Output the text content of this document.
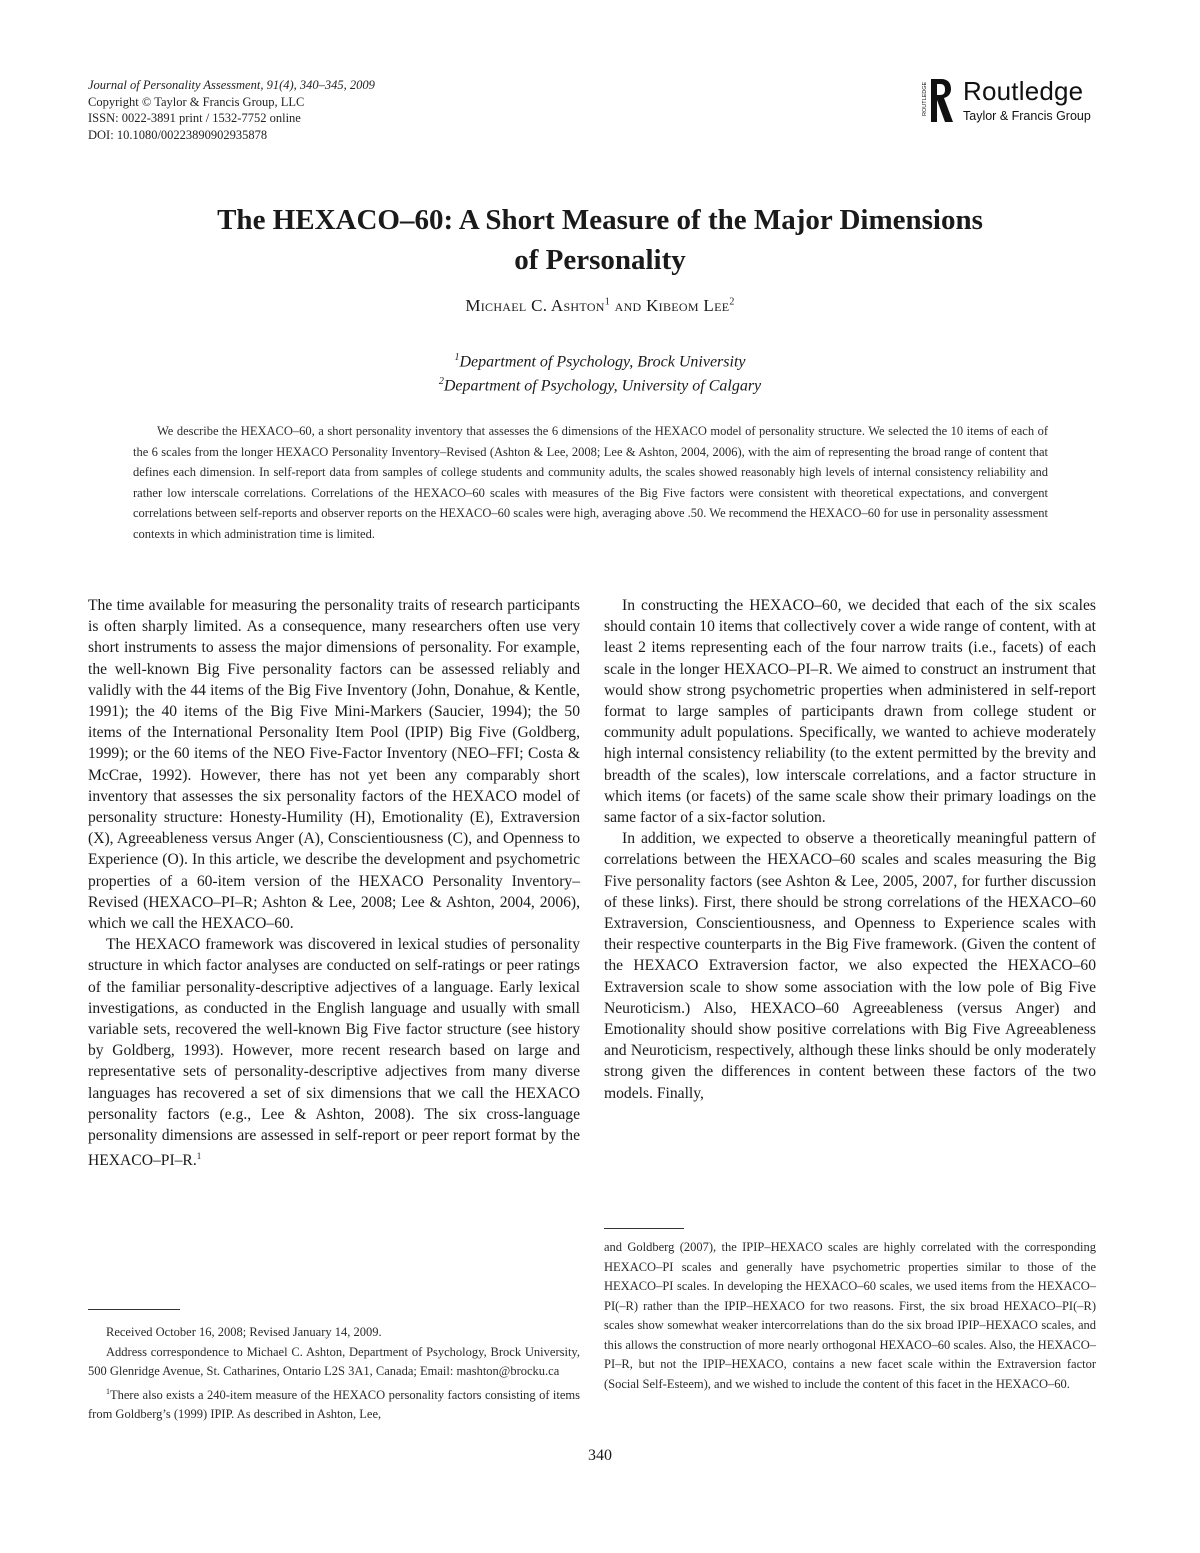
Journal of Personality Assessment, 91(4), 340–345, 2009
Copyright © Taylor & Francis Group, LLC
ISSN: 0022-3891 print / 1532-7752 online
DOI: 10.1080/00223890902935878
ROUTLEDGE Routledge
Taylor & Francis Group
The HEXACO–60: A Short Measure of the Major Dimensions
of Personality
Michael C. Ashton$^1$ and Kibeom Lee$^2$
$^1$Department of Psychology, Brock University
$^2$Department of Psychology, University of Calgary
We describe the HEXACO–60, a short personality inventory that assesses the 6 dimensions of the HEXACO model of personality structure. We selected the 10 items of each of the 6 scales from the longer HEXACO Personality Inventory–Revised (Ashton & Lee, 2008; Lee & Ashton, 2004, 2006), with the aim of representing the broad range of content that defines each dimension. In self-report data from samples of college students and community adults, the scales showed reasonably high levels of internal consistency reliability and rather low interscale correlations. Correlations of the HEXACO–60 scales with measures of the Big Five factors were consistent with theoretical expectations, and convergent correlations between self-reports and observer reports on the HEXACO–60 scales were high, averaging above .50. We recommend the HEXACO–60 for use in personality assessment contexts in which administration time is limited.

The time available for measuring the personality traits of research participants is often sharply limited. As a consequence, many researchers often use very short instruments to assess the major dimensions of personality. For example, the well-known Big Five personality factors can be assessed reliably and validly with the 44 items of the Big Five Inventory (John, Donahue, & Kentle, 1991); the 40 items of the Big Five Mini-Markers (Saucier, 1994); the 50 items of the International Personality Item Pool (IPIP) Big Five (Goldberg, 1999); or the 60 items of the NEO Five-Factor Inventory (NEO–FFI; Costa & McCrae, 1992). However, there has not yet been any comparably short inventory that assesses the six personality factors of the HEXACO model of personality structure: Honesty-Humility (H), Emotionality (E), Extraversion (X), Agreeableness versus Anger (A), Conscientiousness (C), and Openness to Experience (O). In this article, we describe the development and psychometric properties of a 60-item version of the HEXACO Personality Inventory–Revised (HEXACO–PI–R; Ashton & Lee, 2008; Lee & Ashton, 2004, 2006), which we call the HEXACO–60.

The HEXACO framework was discovered in lexical studies of personality structure in which factor analyses are conducted on self-ratings or peer ratings of the familiar personality-descriptive adjectives of a language. Early lexical investigations, as conducted in the English language and usually with small variable sets, recovered the well-known Big Five factor structure (see history by Goldberg, 1993). However, more recent research based on large and representative sets of personality-descriptive adjectives from many diverse languages has recovered a set of six dimensions that we call the HEXACO personality factors (e.g., Lee & Ashton, 2008). The six cross-language personality dimensions are assessed in self-report or peer report format by the HEXACO–PI–R.$^1$

In constructing the HEXACO–60, we decided that each of the six scales should contain 10 items that collectively cover a wide range of content, with at least 2 items representing each of the four narrow traits (i.e., facets) of each scale in the longer HEXACO–PI–R. We aimed to construct an instrument that would show strong psychometric properties when administered in self-report format to large samples of participants drawn from college student or community adult populations. Specifically, we wanted to achieve moderately high internal consistency reliability (to the extent permitted by the brevity and breadth of the scales), low interscale correlations, and a factor structure in which items (or facets) of the same scale show their primary loadings on the same factor of a six-factor solution.

In addition, we expected to observe a theoretically meaningful pattern of correlations between the HEXACO–60 scales and scales measuring the Big Five personality factors (see Ashton & Lee, 2005, 2007, for further discussion of these links). First, there should be strong correlations of the HEXACO–60 Extraversion, Conscientiousness, and Openness to Experience scales with their respective counterparts in the Big Five framework. (Given the content of the HEXACO Extraversion factor, we also expected the HEXACO–60 Extraversion scale to show some association with the low pole of Big Five Neuroticism.) Also, HEXACO–60 Agreeableness (versus Anger) and Emotionality should show positive correlations with Big Five Agreeableness and Neuroticism, respectively, although these links should be only moderately strong given the differences in content between these factors of the two models. Finally,

Received October 16, 2008; Revised January 14, 2009.

Address correspondence to Michael C. Ashton, Department of Psychology, Brock University, 500 Glenridge Avenue, St. Catharines, Ontario L2S 3A1, Canada; Email: mashton@brocku.ca

$^1$There also exists a 240-item measure of the HEXACO personality factors consisting of items from Goldberg’s (1999) IPIP. As described in Ashton, Lee,

and Goldberg (2007), the IPIP–HEXACO scales are highly correlated with the corresponding HEXACO–PI scales and generally have psychometric properties similar to those of the HEXACO–PI scales. In developing the HEXACO–60 scales, we used items from the HEXACO–PI(–R) rather than the IPIP–HEXACO for two reasons. First, the six broad HEXACO–PI(–R) scales show somewhat weaker intercorrelations than do the six broad IPIP–HEXACO scales, and this allows the construction of more nearly orthogonal HEXACO–60 scales. Also, the HEXACO–PI–R, but not the IPIP–HEXACO, contains a new facet scale within the Extraversion factor (Social Self-Esteem), and we wished to include the content of this facet in the HEXACO–60.

340
